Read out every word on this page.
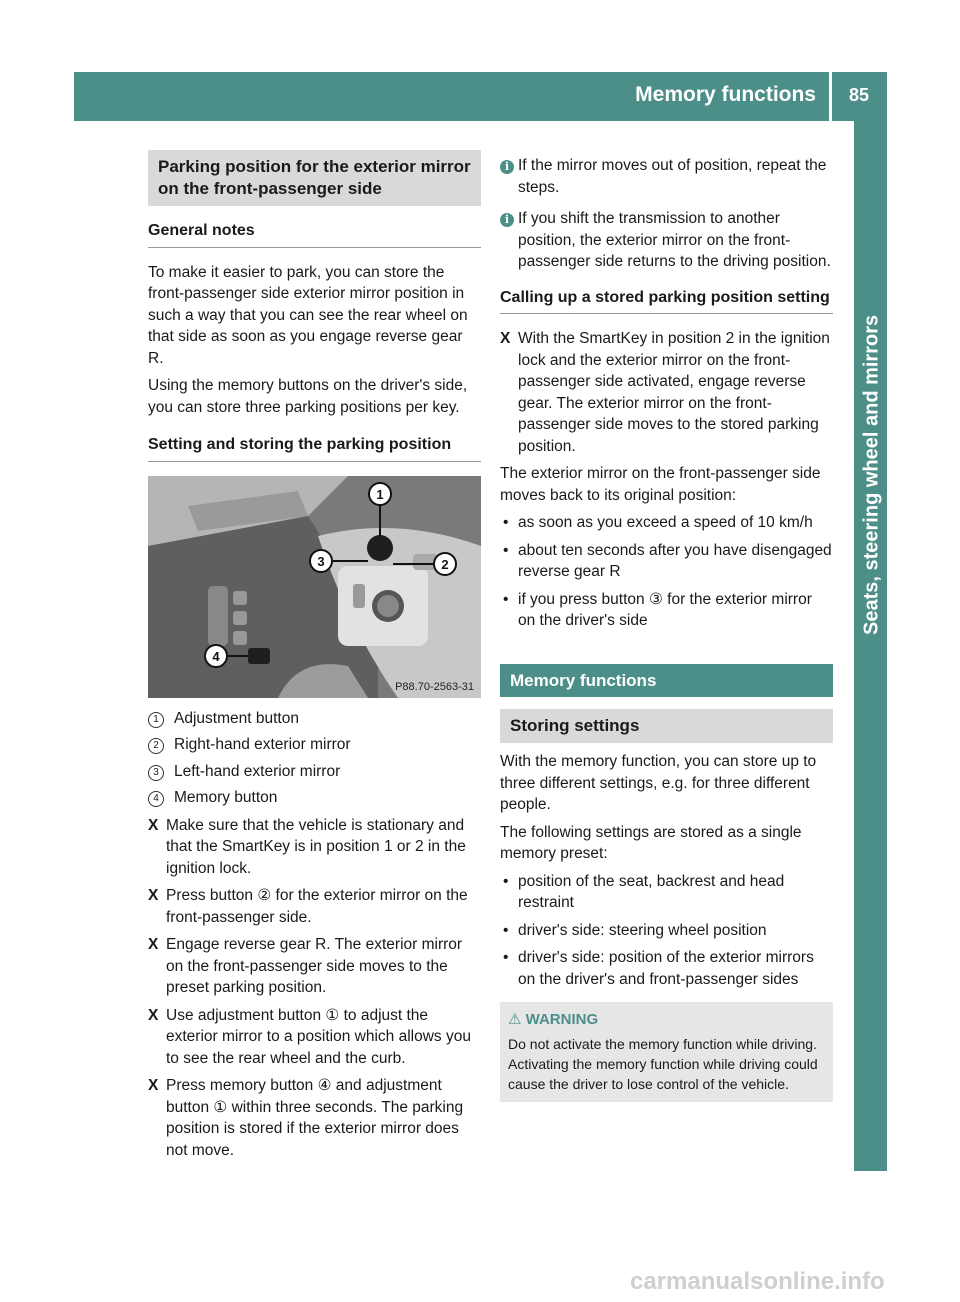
Memory functions 85
Seats, steering wheel and mirrors
Parking position for the exterior mirror on the front-passenger side
General notes

To make it easier to park, you can store the front-passenger side exterior mirror position in such a way that you can see the rear wheel on that side as soon as you engage reverse gear R.

Using the memory buttons on the driver's side, you can store three parking positions per key.

Setting and storing the parking position
1
3	2
4
P88.70-2563-31
1 Adjustment button
2 Right-hand exterior mirror
3 Left-hand exterior mirror
4 Memory button
X Make sure that the vehicle is stationary and that the SmartKey is in position 1 or 2 in the ignition lock.
X Press button ② for the exterior mirror on the front-passenger side.
X Engage reverse gear R. The exterior mirror on the front-passenger side moves to the preset parking position.
X Use adjustment button ① to adjust the exterior mirror to a position which allows you to see the rear wheel and the curb.
X Press memory button ④ and adjustment button ① within three seconds. The parking position is stored if the exterior mirror does not move.
i If the mirror moves out of position, repeat the steps.
i If you shift the transmission to another position, the exterior mirror on the front-passenger side returns to the driving position.
Calling up a stored parking position setting
X With the SmartKey in position 2 in the ignition lock and the exterior mirror on the front-passenger side activated, engage reverse gear. The exterior mirror on the front-passenger side moves to the stored parking position.

The exterior mirror on the front-passenger side moves back to its original position:

• as soon as you exceed a speed of 10 km/h
• about ten seconds after you have disengaged reverse gear R
• if you press button ③ for the exterior mirror on the driver's side
Memory functions
Storing settings

With the memory function, you can store up to three different settings, e.g. for three different people.

The following settings are stored as a single memory preset:

• position of the seat, backrest and head restraint
• driver's side: steering wheel position
• driver's side: position of the exterior mirrors on the driver's and front-passenger sides
⚠ WARNING
Do not activate the memory function while driving. Activating the memory function while driving could cause the driver to lose control of the vehicle.
carmanualsonline.info
